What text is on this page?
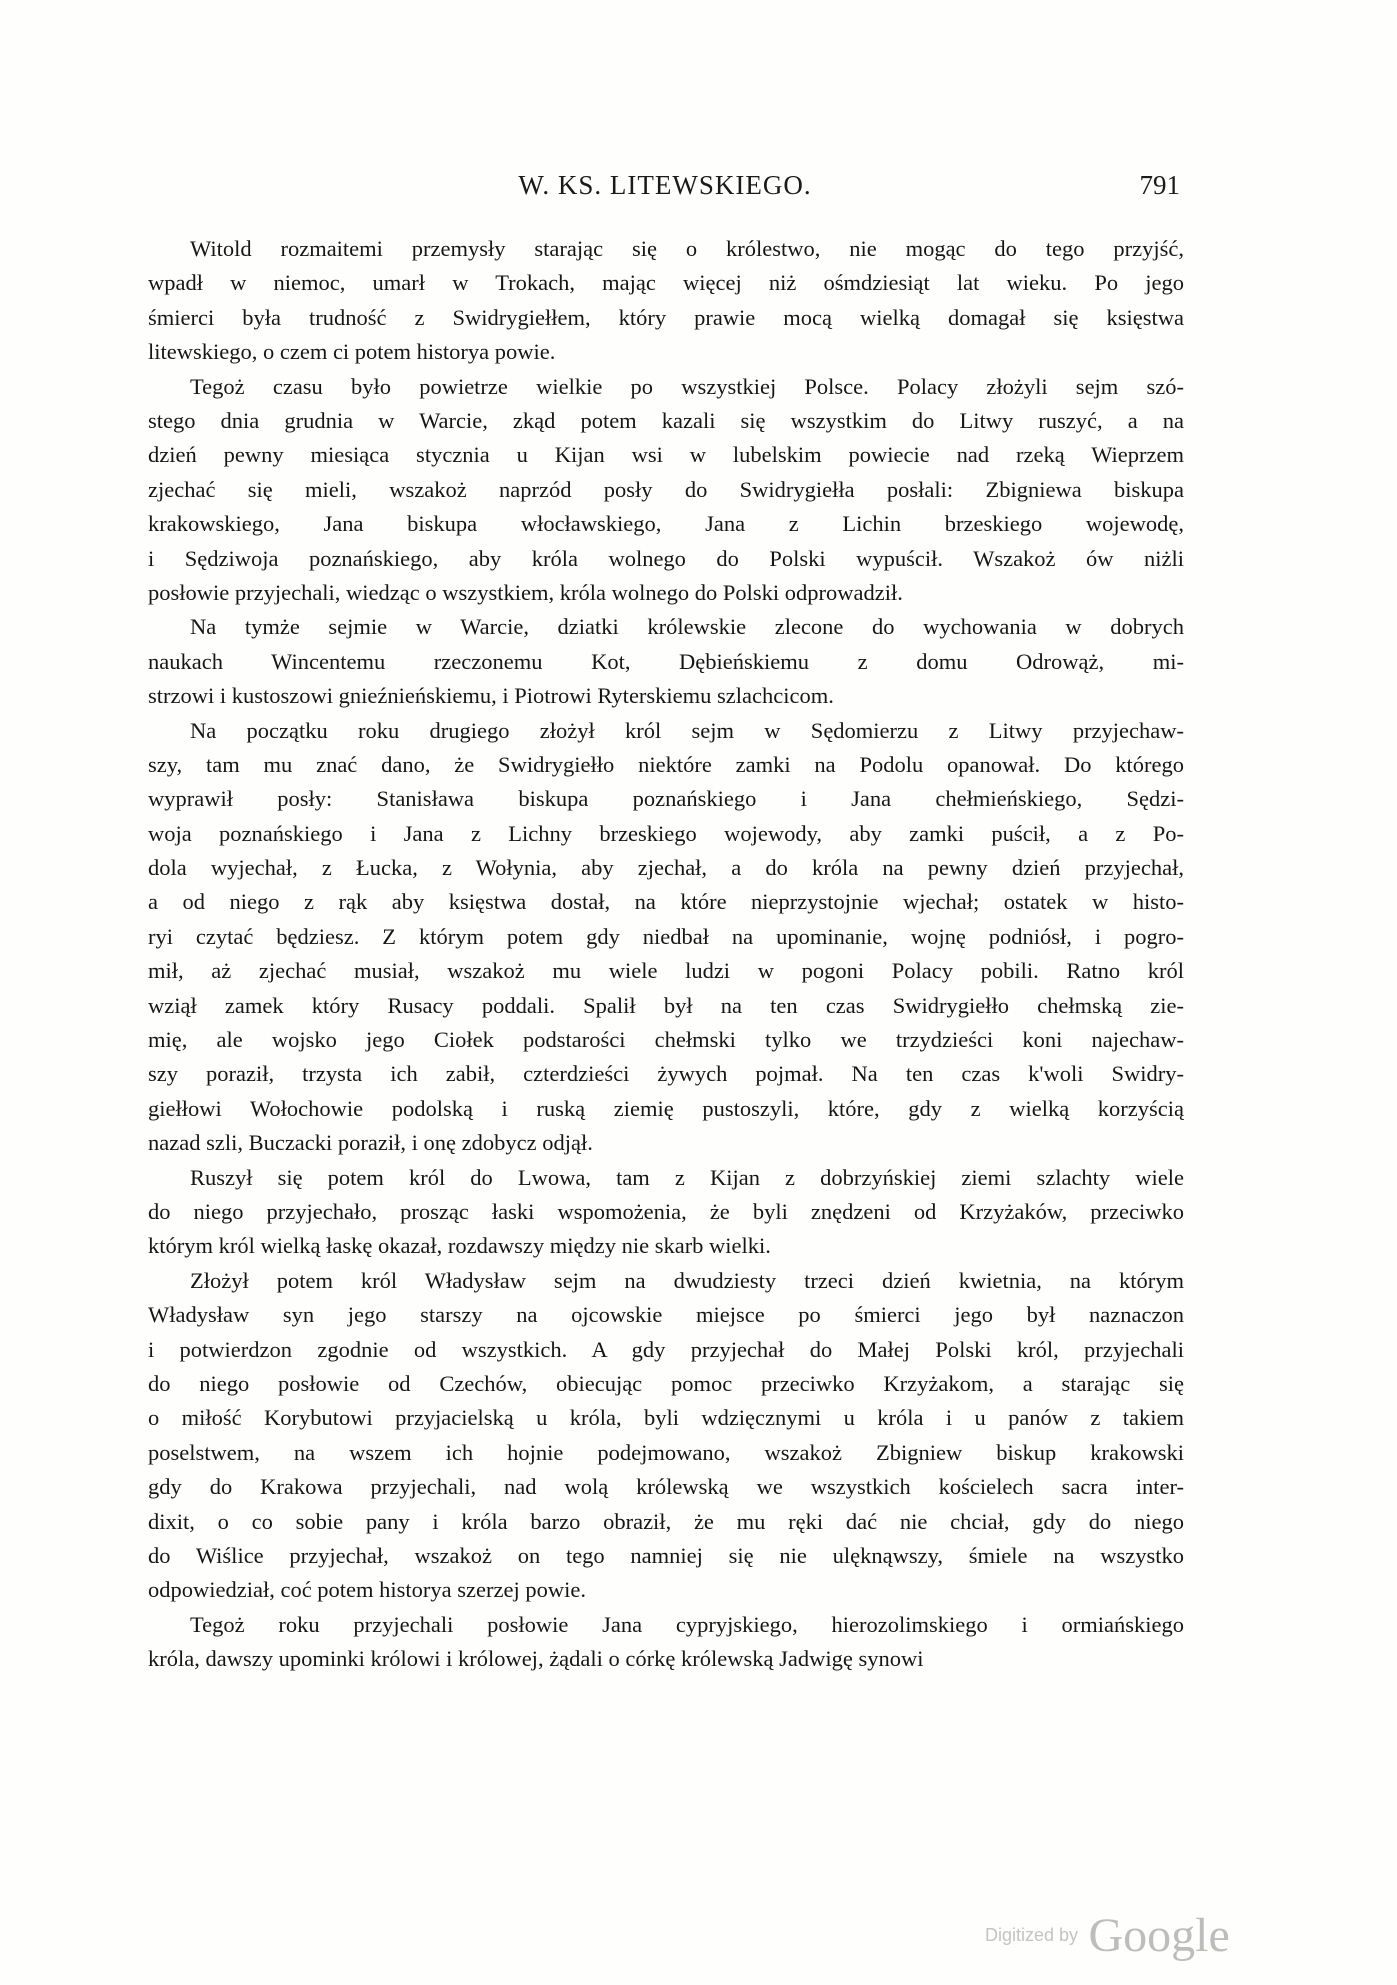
W. KS. LITEWSKIEGO.	791
Witold rozmaitemi przemysły starając się o królestwo, nie mogąc do tego przyjść,
wpadł w niemoc, umarł w Trokach, mając więcej niż ośmdziesiąt lat wieku. Po jego
śmierci była trudność z Swidrygiełłem, który prawie mocą wielką domagał się księstwa
litewskiego, o czem ci potem historya powie.
Tegoż czasu było powietrze wielkie po wszystkiej Polsce. Polacy złożyli sejm szó-
stego dnia grudnia w Warcie, zkąd potem kazali się wszystkim do Litwy ruszyć, a na
dzień pewny miesiąca stycznia u Kijan wsi w lubelskim powiecie nad rzeką Wieprzem
zjechać się mieli, wszakoż naprzód posły do Swidrygiełła posłali: Zbigniewa biskupa
krakowskiego, Jana biskupa włocławskiego, Jana z Lichin brzeskiego wojewodę,
i Sędziwoja poznańskiego, aby króla wolnego do Polski wypuścił. Wszakoż ów niżli
posłowie przyjechali, wiedząc o wszystkiem, króla wolnego do Polski odprowadził.
Na tymże sejmie w Warcie, dziatki królewskie zlecone do wychowania w dobrych
naukach Wincentemu rzeczonemu Kot, Dębieńskiemu z domu Odrowąż, mi-
strzowi i kustoszowi gnieźnieńskiemu, i Piotrowi Ryterskiemu szlachcicom.
Na początku roku drugiego złożył król sejm w Sędomierzu z Litwy przyjechaw-
szy, tam mu znać dano, że Swidrygiełło niektóre zamki na Podolu opanował. Do którego
wyprawił posły: Stanisława biskupa poznańskiego i Jana chełmieńskiego, Sędzi-
woja poznańskiego i Jana z Lichny brzeskiego wojewody, aby zamki puścił, a z Po-
dola wyjechał, z Łucka, z Wołynia, aby zjechał, a do króla na pewny dzień przyjechał,
a od niego z rąk aby księstwa dostał, na które nieprzystojnie wjechał; ostatek w histo-
ryi czytać będziesz. Z którym potem gdy niedbał na upominanie, wojnę podniósł, i pogro-
mił, aż zjechać musiał, wszakoż mu wiele ludzi w pogoni Polacy pobili. Ratno król
wziął zamek który Rusacy poddali. Spalił był na ten czas Swidrygiełło chełmską zie-
mię, ale wojsko jego Ciołek podstarości chełmski tylko we trzydzieści koni najechaw-
szy poraził, trzysta ich zabił, czterdzieści żywych pojmał. Na ten czas k'woli Swidry-
giełłowi Wołochowie podolską i ruską ziemię pustoszyli, które, gdy z wielką korzyścią
nazad szli, Buczacki poraził, i onę zdobycz odjął.
Ruszył się potem król do Lwowa, tam z Kijan z dobrzyńskiej ziemi szlachty wiele
do niego przyjechało, prosząc łaski wspomożenia, że byli znędzeni od Krzyżaków, przeciwko
którym król wielką łaskę okazał, rozdawszy między nie skarb wielki.
Złożył potem król Władysław sejm na dwudziesty trzeci dzień kwietnia, na którym
Władysław syn jego starszy na ojcowskie miejsce po śmierci jego był naznaczon
i potwierdzon zgodnie od wszystkich. A gdy przyjechał do Małej Polski król, przyjechali
do niego posłowie od Czechów, obiecując pomoc przeciwko Krzyżakom, a starając się
o miłość Korybutowi przyjacielską u króla, byli wdzięcznymi u króla i u panów z takiem
poselstwem, na wszem ich hojnie podejmowano, wszakoż Zbigniew biskup krakowski
gdy do Krakowa przyjechali, nad wolą królewską we wszystkich kościelech sacra inter-
dixit, o co sobie pany i króla barzo obraził, że mu ręki dać nie chciał, gdy do niego
do Wiślice przyjechał, wszakoż on tego namniej się nie ulęknąwszy, śmiele na wszystko
odpowiedział, coć potem historya szerzej powie.
Tegoż roku przyjechali posłowie Jana cypryjskiego, hierozolimskiego i ormiańskiego
króla, dawszy upominki królowi i królowej, żądali o córkę królewską Jadwigę synowi
Digitized by Google
